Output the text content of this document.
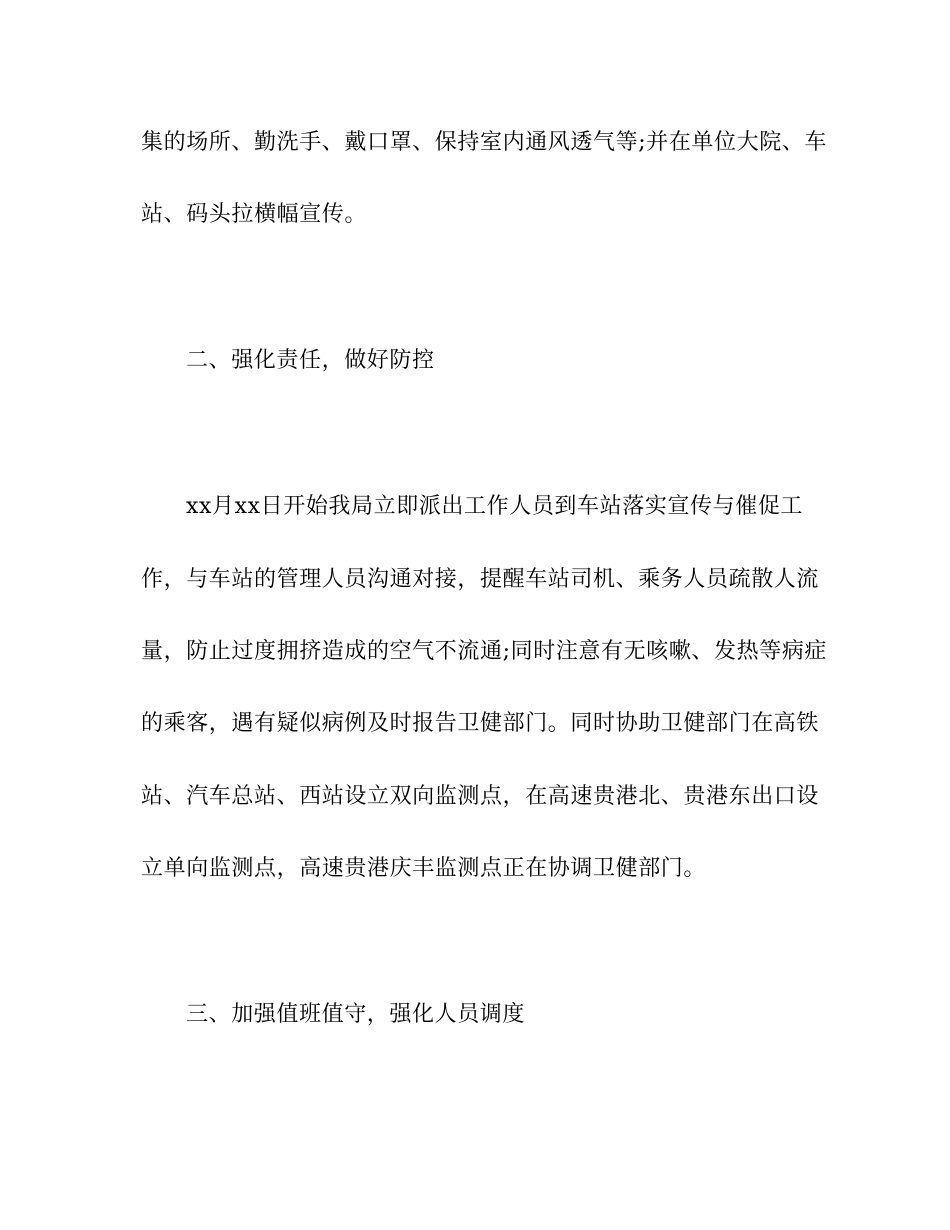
集的场所、勤洗手、戴口罩、保持室内通风透气等;并在单位大院、车
站、码头拉横幅宣传。
二、强化责任，做好防控
xx月xx日开始我局立即派出工作人员到车站落实宣传与催促工
作，与车站的管理人员沟通对接，提醒车站司机、乘务人员疏散人流
量，防止过度拥挤造成的空气不流通;同时注意有无咳嗽、发热等病症
的乘客，遇有疑似病例及时报告卫健部门。同时协助卫健部门在高铁
站、汽车总站、西站设立双向监测点，在高速贵港北、贵港东出口设
立单向监测点，高速贵港庆丰监测点正在协调卫健部门。
三、加强值班值守，强化人员调度
